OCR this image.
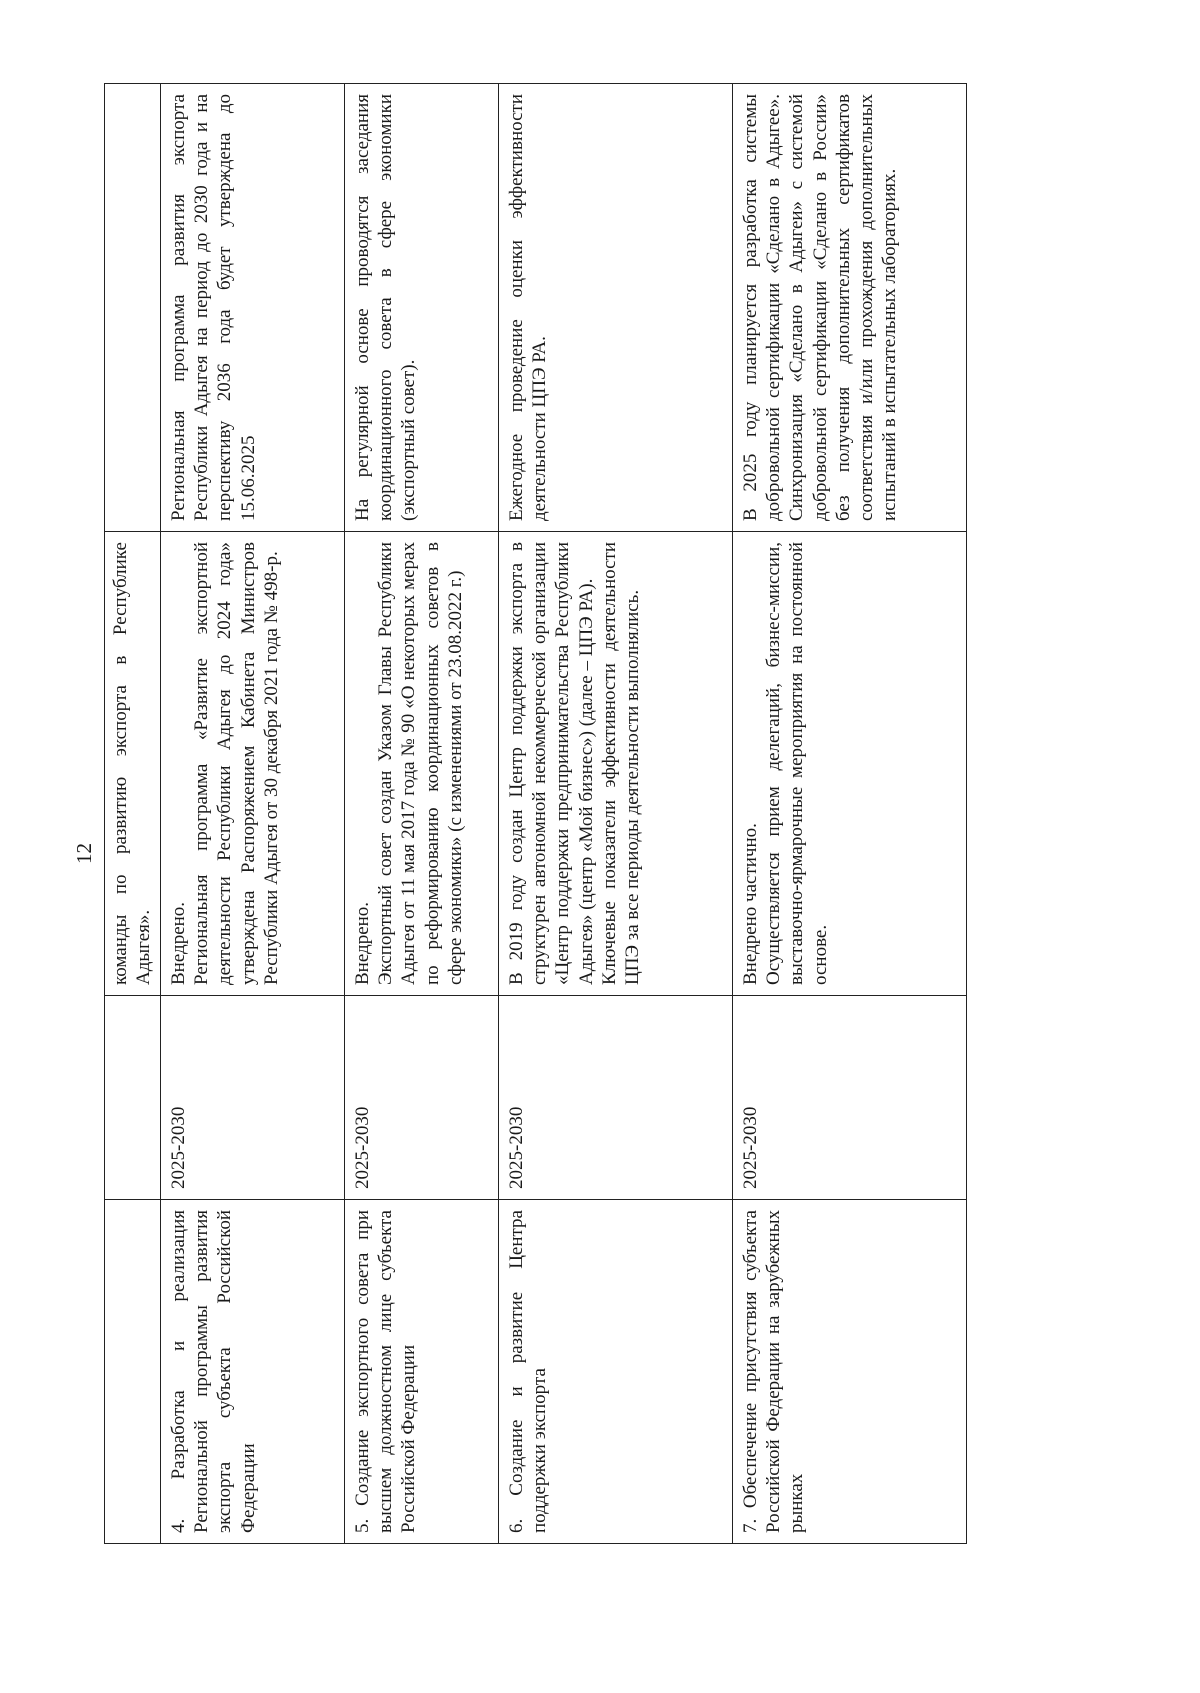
12

		команды по развитию экспорта в Республике Адыгея».	

4. Разработка и реализация Региональной программы развития экспорта субъекта Российской Федерации	2025-2030	Внедрено. Региональная программа «Развитие экспортной деятельности Республики Адыгея до 2024 года» утверждена Распоряжением Кабинета Министров Республики Адыгея от 30 декабря 2021 года № 498-р.	Региональная программа развития экспорта Республики Адыгея на период до 2030 года и на перспективу 2036 года будет утверждена до 15.06.2025

5. Создание экспортного совета при высшем должностном лице субъекта Российской Федерации	2025-2030	Внедрено. Экспортный совет создан Указом Главы Республики Адыгея от 11 мая 2017 года № 90 «О некоторых мерах по реформированию координационных советов в сфере экономики» (с изменениями от 23.08.2022 г.)	На регулярной основе проводятся заседания координационного совета в сфере экономики (экспортный совет).

6. Создание и развитие Центра поддержки экспорта	2025-2030	В 2019 году создан Центр поддержки экспорта в структурен автономной некоммерческой организации «Центр поддержки предпринимательства Республики Адыгея» (центр «Мой бизнес») (далее – ЦПЭ РА). Ключевые показатели эффективности деятельности ЦПЭ за все периоды деятельности выполнялись.	Ежегодное проведение оценки эффективности деятельности ЦПЭ РА.

7. Обеспечение присутствия субъекта Российской Федерации на зарубежных рынках	2025-2030	Внедрено частично. Осуществляется прием делегаций, бизнес-миссии, выставочно-ярмарочные мероприятия на постоянной основе.	В 2025 году планируется разработка системы добровольной сертификации «Сделано в Адыгее». Синхронизация «Сделано в Адыгеи» с системой добровольной сертификации «Сделано в России» без получения дополнительных сертификатов соответствия и/или прохождения дополнительных испытаний в испытательных лабораториях.
